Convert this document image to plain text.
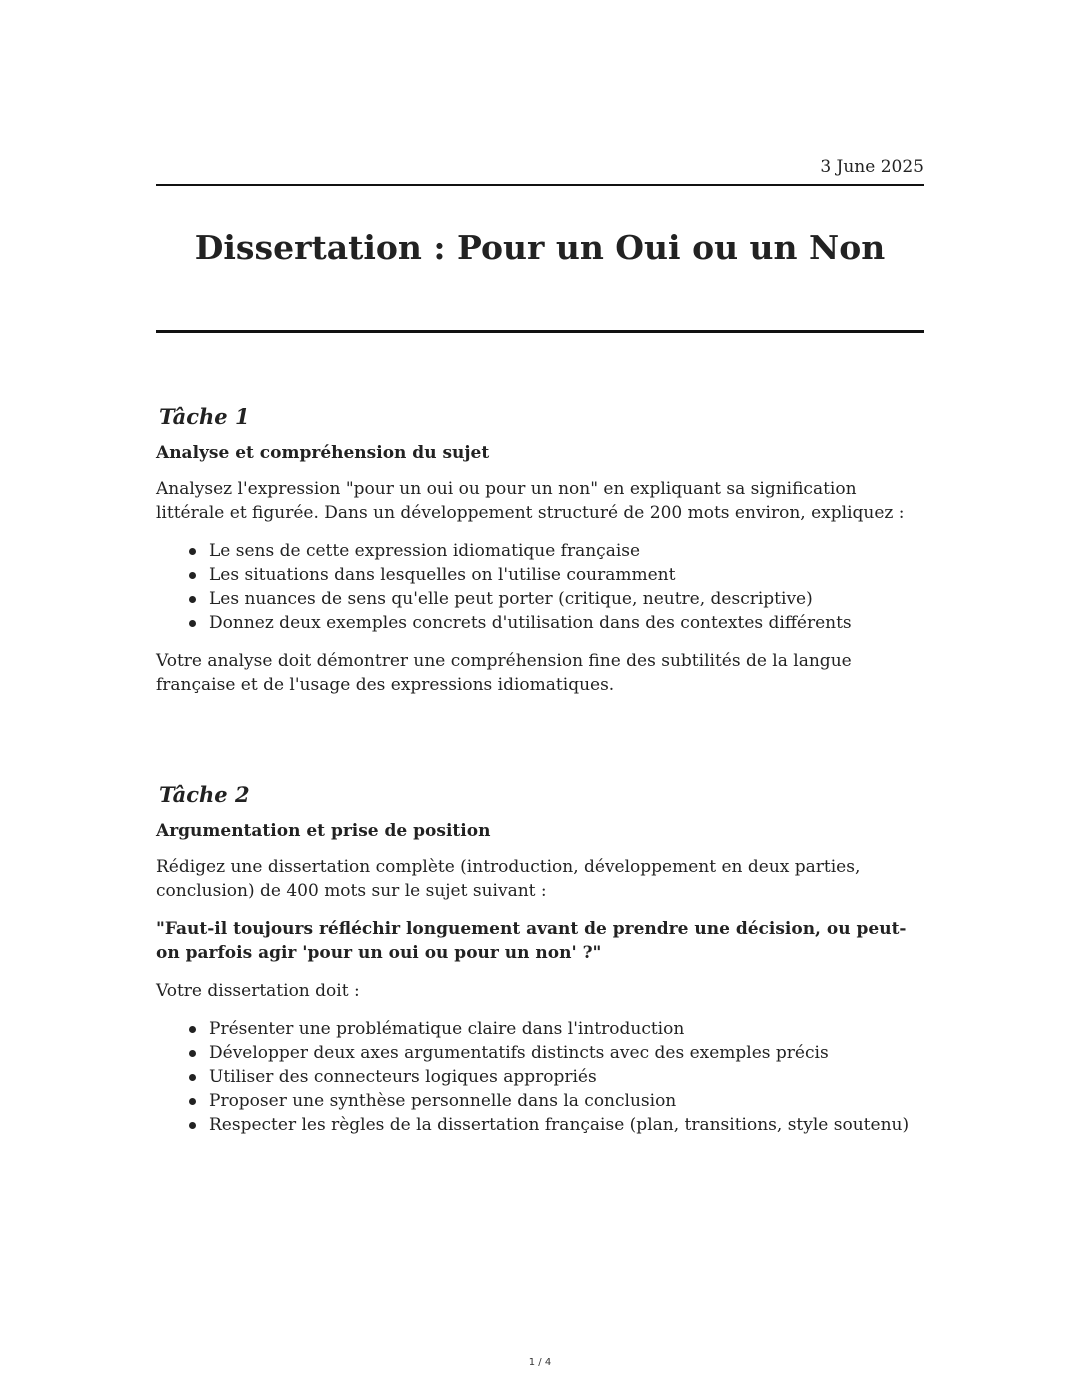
3 June 2025
Dissertation : Pour un Oui ou un Non
Tâche 1
Analyse et compréhension du sujet

Analysez l'expression "pour un oui ou pour un non" en expliquant sa signification littérale et figurée. Dans un développement structuré de 200 mots environ, expliquez :

Le sens de cette expression idiomatique française
Les situations dans lesquelles on l'utilise couramment
Les nuances de sens qu'elle peut porter (critique, neutre, descriptive)
Donnez deux exemples concrets d'utilisation dans des contextes différents

Votre analyse doit démontrer une compréhension fine des subtilités de la langue française et de l'usage des expressions idiomatiques.

Tâche 2
Argumentation et prise de position

Rédigez une dissertation complète (introduction, développement en deux parties, conclusion) de 400 mots sur le sujet suivant :

"Faut-il toujours réfléchir longuement avant de prendre une décision, ou peut-on parfois agir 'pour un oui ou pour un non' ?"

Votre dissertation doit :

Présenter une problématique claire dans l'introduction
Développer deux axes argumentatifs distincts avec des exemples précis
Utiliser des connecteurs logiques appropriés
Proposer une synthèse personnelle dans la conclusion
Respecter les règles de la dissertation française (plan, transitions, style soutenu)
1 / 4
